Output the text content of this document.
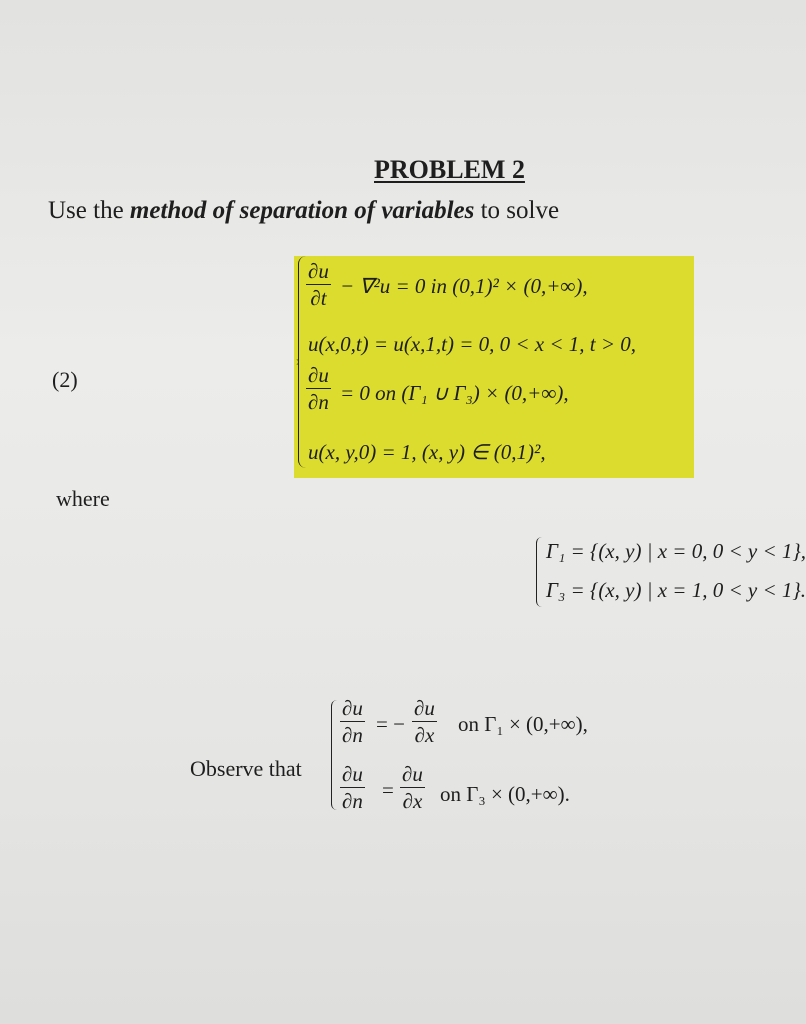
PROBLEM 2
Use the method of separation of variables to solve
(2)
∂u
∂t
− ∇²u = 0 in (0,1)² × (0,+∞),
u(x,0,t) = u(x,1,t) = 0, 0 < x < 1, t > 0,
∂u
∂n = 0 on (Γ₁ ∪ Γ₃) × (0,+∞),
u(x, y,0) = 1, (x, y) ∈ (0,1)²,
where
Γ₁ = {(x, y) | x = 0, 0 < y < 1},
Γ₃ = {(x, y) | x = 1, 0 < y < 1}.
Observe that
∂u
∂n = −
∂u
∂x on Γ₁ × (0,+∞),
∂u
∂n =
∂u
∂x on Γ₃ × (0,+∞).
